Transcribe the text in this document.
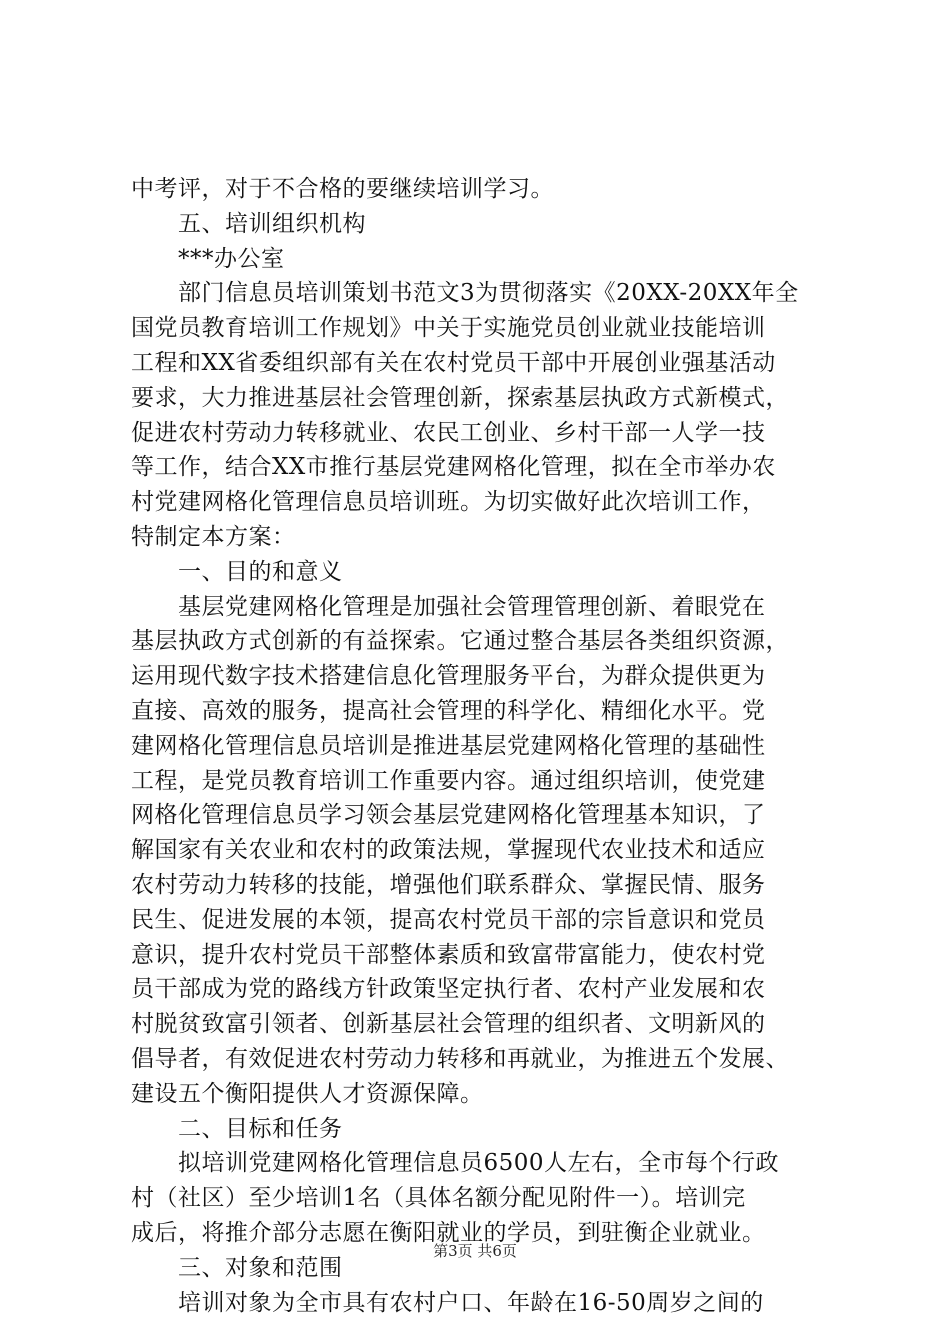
中考评，对于不合格的要继续培训学习。
五、培训组织机构
***办公室
部门信息员培训策划书范文3为贯彻落实《20XX-20XX年全
国党员教育培训工作规划》中关于实施党员创业就业技能培训
工程和XX省委组织部有关在农村党员干部中开展创业强基活动
要求，大力推进基层社会管理创新，探索基层执政方式新模式，
促进农村劳动力转移就业、农民工创业、乡村干部一人学一技
等工作，结合XX市推行基层党建网格化管理，拟在全市举办农
村党建网格化管理信息员培训班。为切实做好此次培训工作，
特制定本方案：
一、目的和意义
基层党建网格化管理是加强社会管理管理创新、着眼党在
基层执政方式创新的有益探索。它通过整合基层各类组织资源，
运用现代数字技术搭建信息化管理服务平台，为群众提供更为
直接、高效的服务，提高社会管理的科学化、精细化水平。党
建网格化管理信息员培训是推进基层党建网格化管理的基础性
工程，是党员教育培训工作重要内容。通过组织培训，使党建
网格化管理信息员学习领会基层党建网格化管理基本知识，了
解国家有关农业和农村的政策法规，掌握现代农业技术和适应
农村劳动力转移的技能，增强他们联系群众、掌握民情、服务
民生、促进发展的本领，提高农村党员干部的宗旨意识和党员
意识，提升农村党员干部整体素质和致富带富能力，使农村党
员干部成为党的路线方针政策坚定执行者、农村产业发展和农
村脱贫致富引领者、创新基层社会管理的组织者、文明新风的
倡导者，有效促进农村劳动力转移和再就业，为推进五个发展、
建设五个衡阳提供人才资源保障。
二、目标和任务
拟培训党建网格化管理信息员6500人左右，全市每个行政
村（社区）至少培训1名（具体名额分配见附件一）。培训完
成后，将推介部分志愿在衡阳就业的学员，到驻衡企业就业。
三、对象和范围
培训对象为全市具有农村户口、年龄在16-50周岁之间的
第3页 共6页
